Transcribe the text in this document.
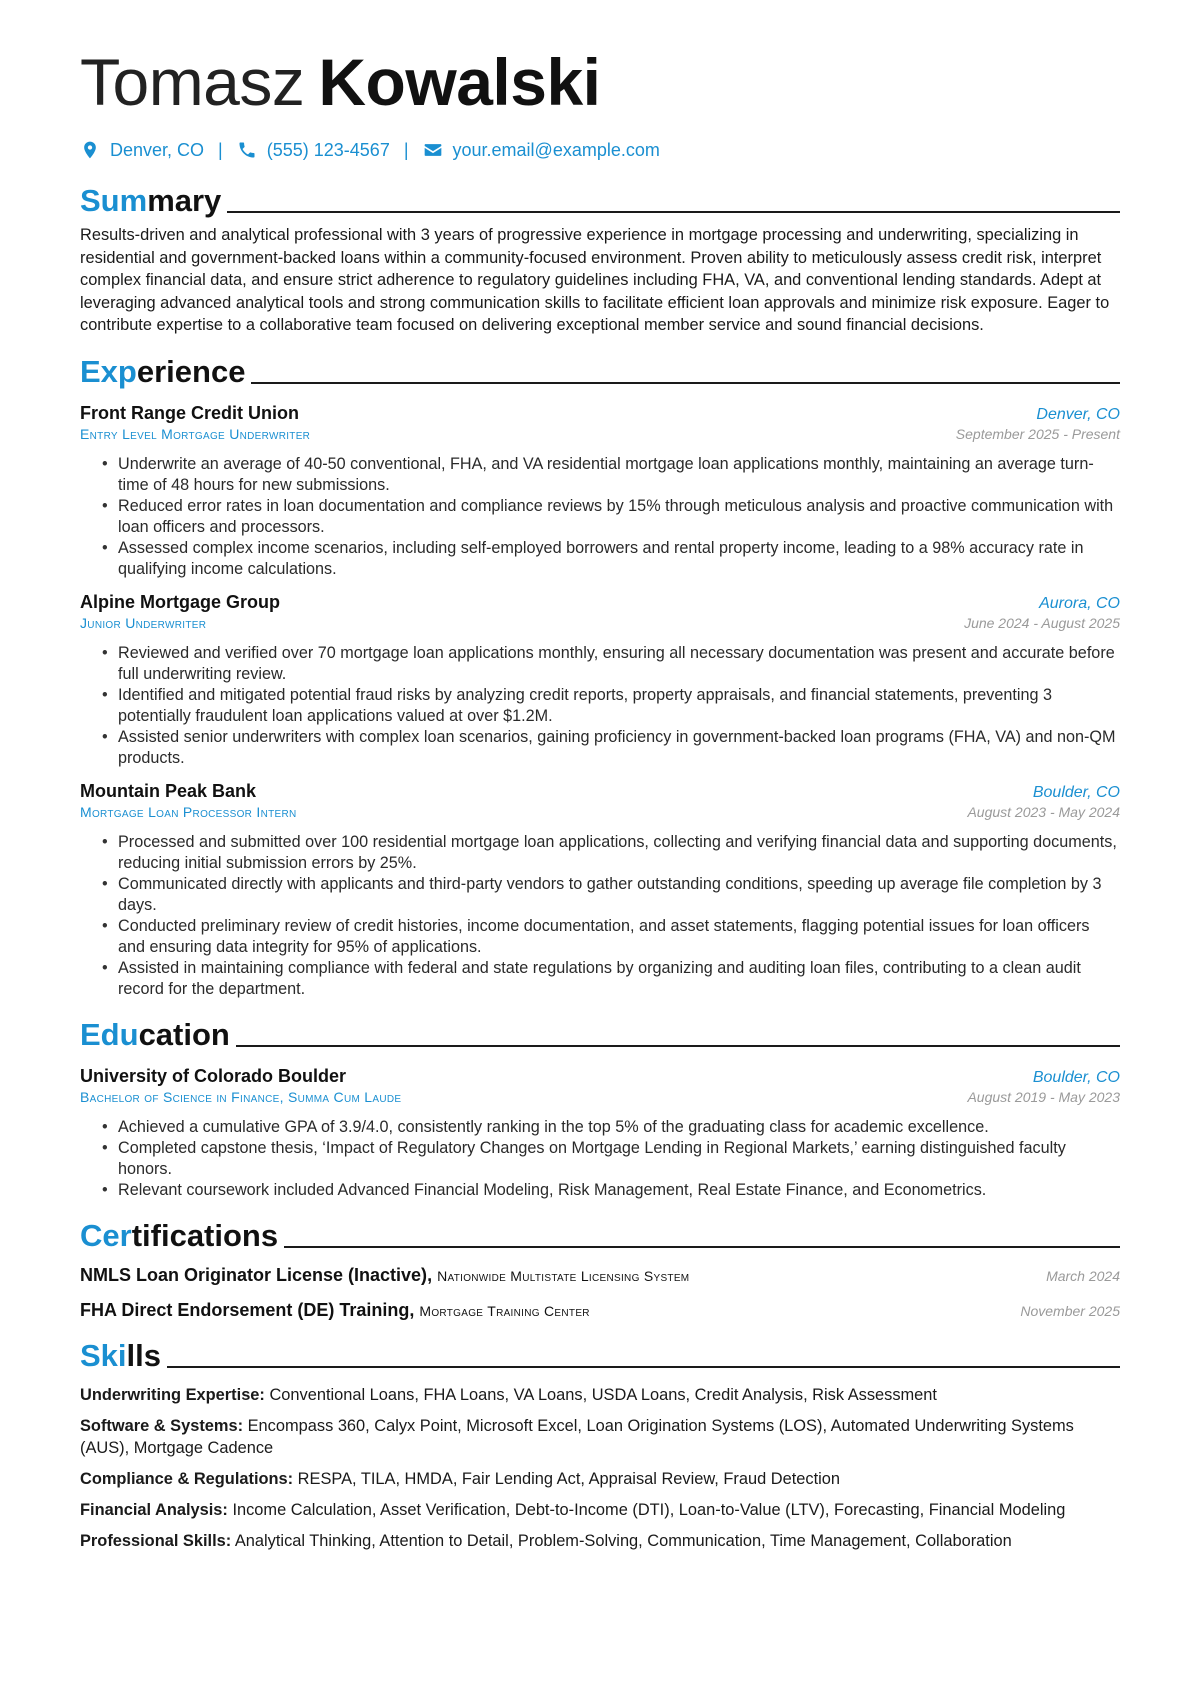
Tomasz Kowalski
Denver, CO | (555) 123-4567 | your.email@example.com
Summary
Results-driven and analytical professional with 3 years of progressive experience in mortgage processing and underwriting, specializing in residential and government-backed loans within a community-focused environment. Proven ability to meticulously assess credit risk, interpret complex financial data, and ensure strict adherence to regulatory guidelines including FHA, VA, and conventional lending standards. Adept at leveraging advanced analytical tools and strong communication skills to facilitate efficient loan approvals and minimize risk exposure. Eager to contribute expertise to a collaborative team focused on delivering exceptional member service and sound financial decisions.
Experience
Front Range Credit Union	Denver, CO
Entry Level Mortgage Underwriter	September 2025 - Present
• Underwrite an average of 40-50 conventional, FHA, and VA residential mortgage loan applications monthly, maintaining an average turn-time of 48 hours for new submissions.
• Reduced error rates in loan documentation and compliance reviews by 15% through meticulous analysis and proactive communication with loan officers and processors.
• Assessed complex income scenarios, including self-employed borrowers and rental property income, leading to a 98% accuracy rate in qualifying income calculations.
Alpine Mortgage Group	Aurora, CO
Junior Underwriter	June 2024 - August 2025
• Reviewed and verified over 70 mortgage loan applications monthly, ensuring all necessary documentation was present and accurate before full underwriting review.
• Identified and mitigated potential fraud risks by analyzing credit reports, property appraisals, and financial statements, preventing 3 potentially fraudulent loan applications valued at over $1.2M.
• Assisted senior underwriters with complex loan scenarios, gaining proficiency in government-backed loan programs (FHA, VA) and non-QM products.
Mountain Peak Bank	Boulder, CO
Mortgage Loan Processor Intern	August 2023 - May 2024
• Processed and submitted over 100 residential mortgage loan applications, collecting and verifying financial data and supporting documents, reducing initial submission errors by 25%.
• Communicated directly with applicants and third-party vendors to gather outstanding conditions, speeding up average file completion by 3 days.
• Conducted preliminary review of credit histories, income documentation, and asset statements, flagging potential issues for loan officers and ensuring data integrity for 95% of applications.
• Assisted in maintaining compliance with federal and state regulations by organizing and auditing loan files, contributing to a clean audit record for the department.
Education
University of Colorado Boulder	Boulder, CO
Bachelor of Science in Finance, Summa Cum Laude	August 2019 - May 2023
• Achieved a cumulative GPA of 3.9/4.0, consistently ranking in the top 5% of the graduating class for academic excellence.
• Completed capstone thesis, ‘Impact of Regulatory Changes on Mortgage Lending in Regional Markets,’ earning distinguished faculty honors.
• Relevant coursework included Advanced Financial Modeling, Risk Management, Real Estate Finance, and Econometrics.
Certifications
NMLS Loan Originator License (Inactive), Nationwide Multistate Licensing System	March 2024
FHA Direct Endorsement (DE) Training, Mortgage Training Center	November 2025
Skills
Underwriting Expertise: Conventional Loans, FHA Loans, VA Loans, USDA Loans, Credit Analysis, Risk Assessment
Software & Systems: Encompass 360, Calyx Point, Microsoft Excel, Loan Origination Systems (LOS), Automated Underwriting Systems (AUS), Mortgage Cadence
Compliance & Regulations: RESPA, TILA, HMDA, Fair Lending Act, Appraisal Review, Fraud Detection
Financial Analysis: Income Calculation, Asset Verification, Debt-to-Income (DTI), Loan-to-Value (LTV), Forecasting, Financial Modeling
Professional Skills: Analytical Thinking, Attention to Detail, Problem-Solving, Communication, Time Management, Collaboration
